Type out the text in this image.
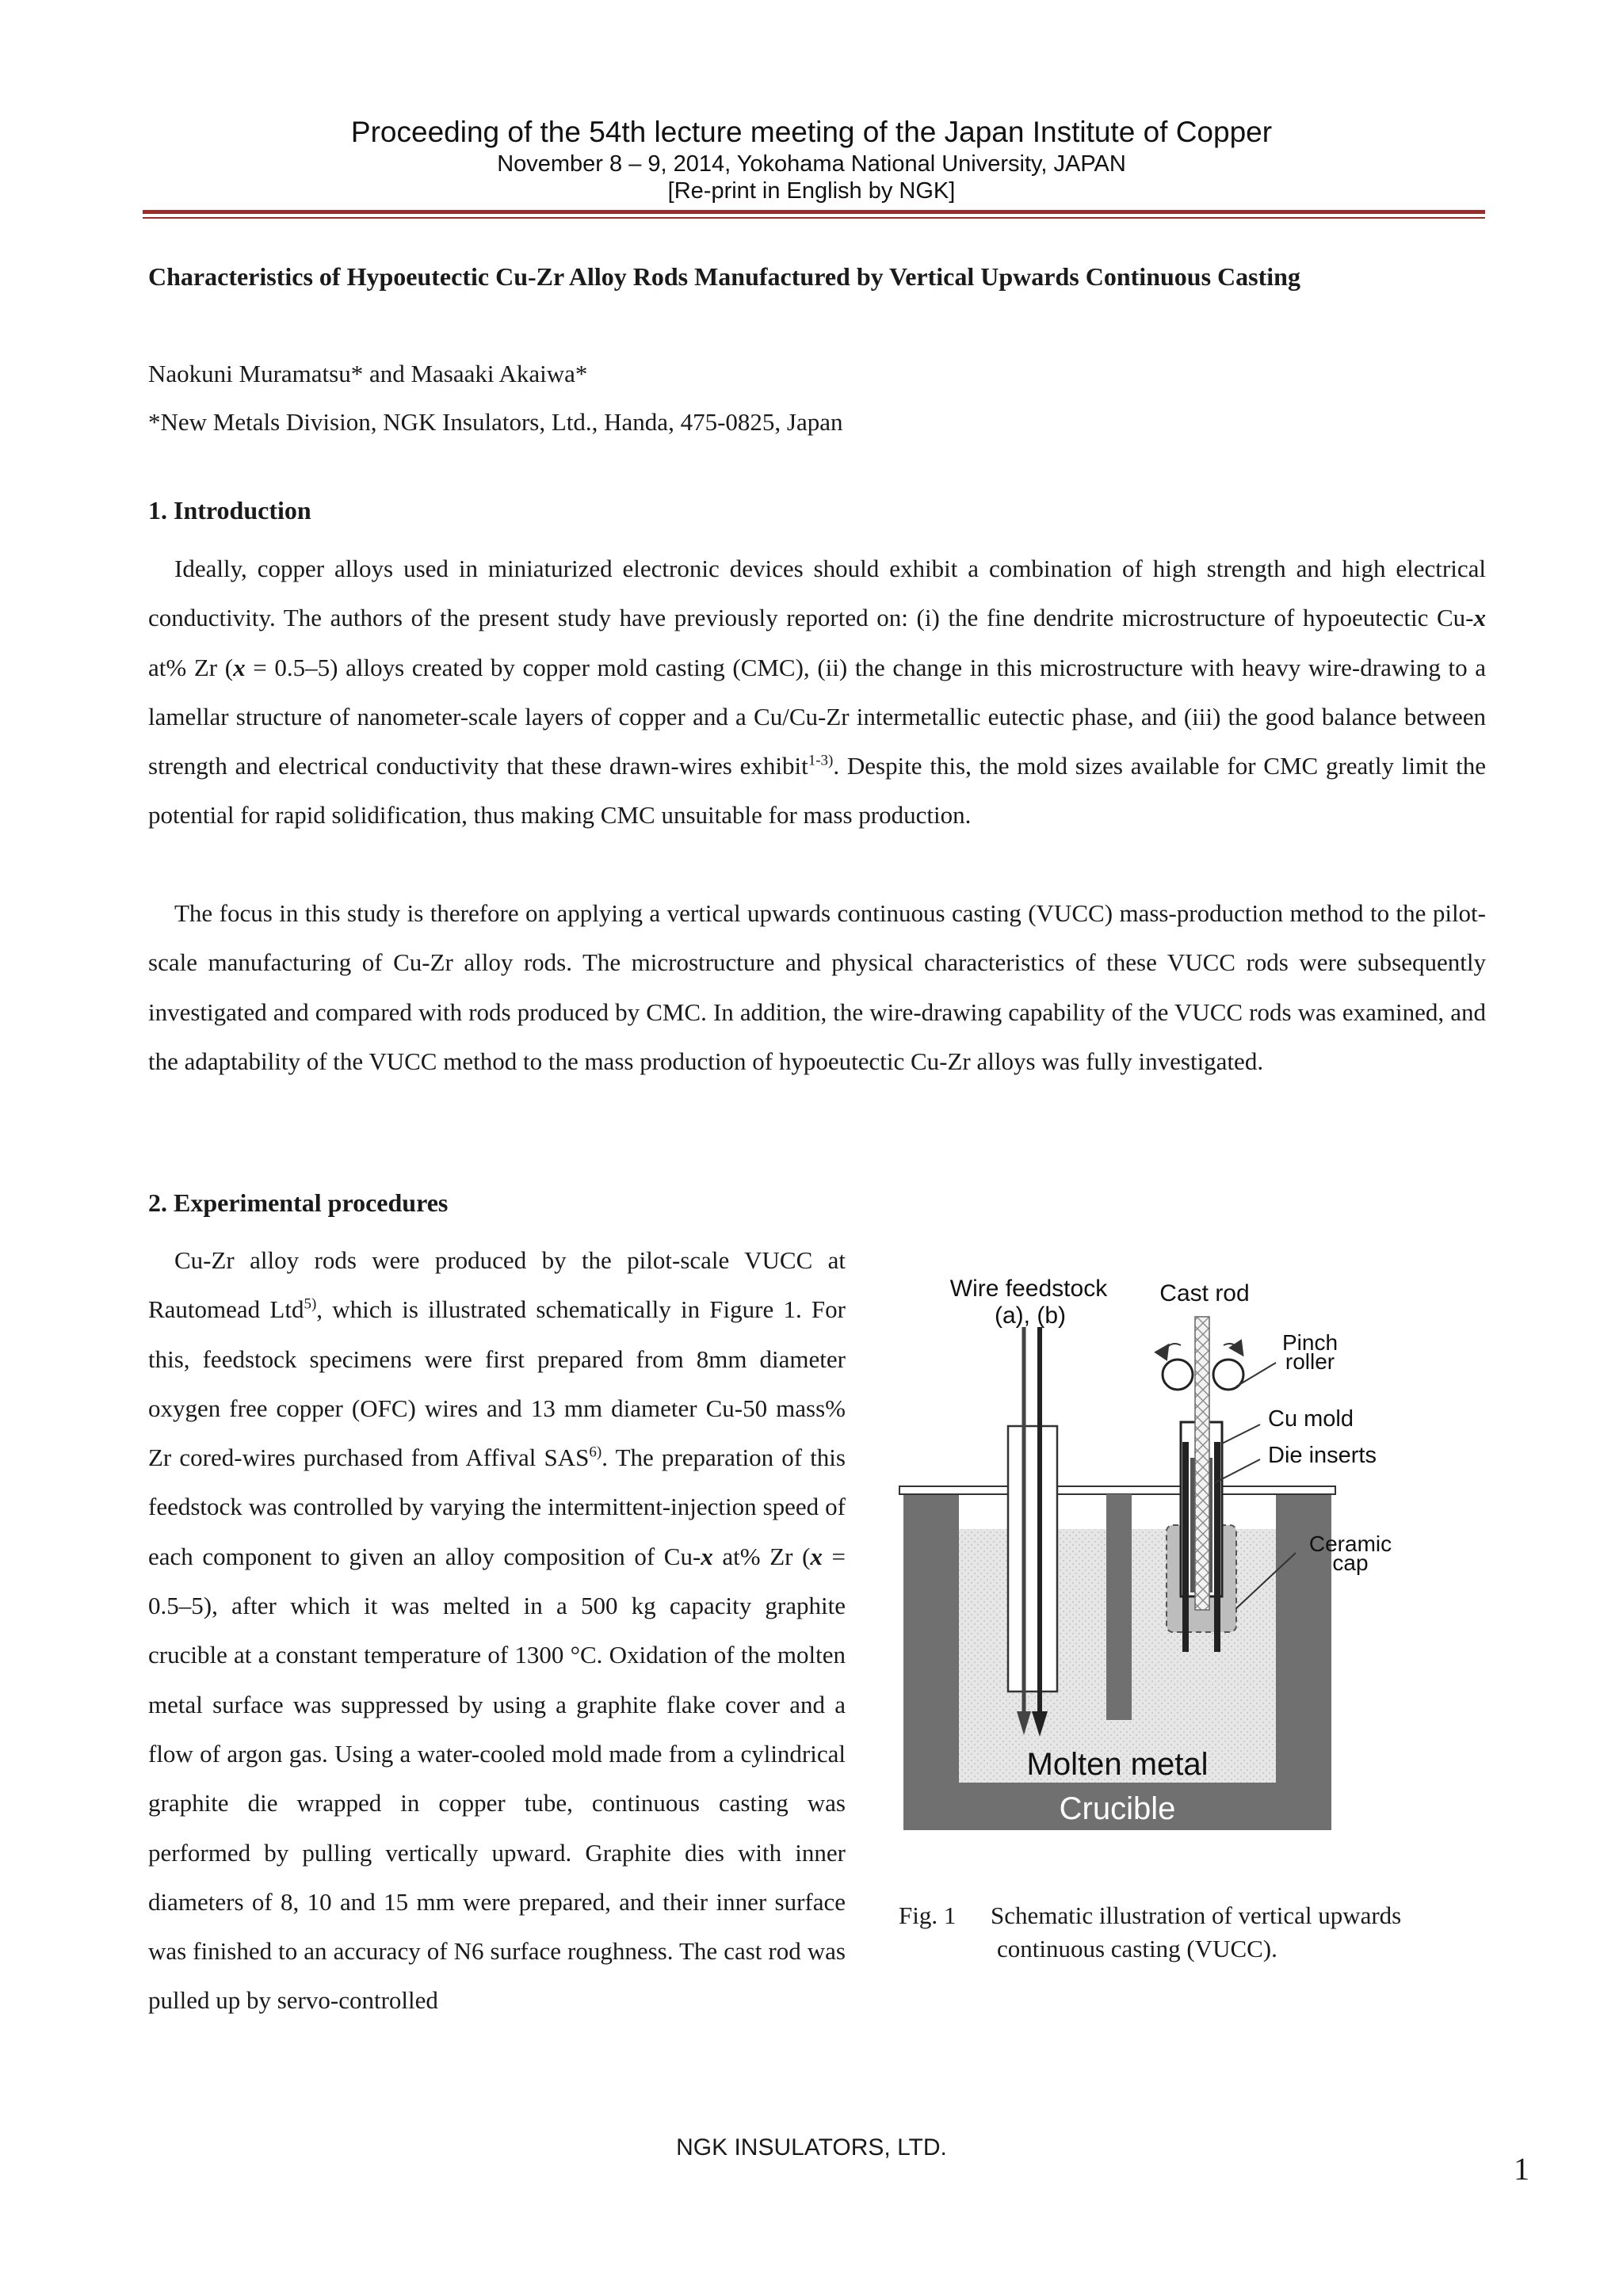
Proceeding of the 54th lecture meeting of the Japan Institute of Copper
November 8 – 9, 2014, Yokohama National University, JAPAN
[Re-print in English by NGK]
Characteristics of Hypoeutectic Cu-Zr Alloy Rods Manufactured by Vertical Upwards Continuous Casting
Naokuni Muramatsu* and Masaaki Akaiwa*
*New Metals Division, NGK Insulators, Ltd., Handa, 475-0825, Japan
1. Introduction

Ideally, copper alloys used in miniaturized electronic devices should exhibit a combination of high strength and high electrical conductivity. The authors of the present study have previously reported on: (i) the fine dendrite microstructure of hypoeutectic Cu-x at% Zr (x = 0.5–5) alloys created by copper mold casting (CMC), (ii) the change in this microstructure with heavy wire-drawing to a lamellar structure of nanometer-scale layers of copper and a Cu/Cu-Zr intermetallic eutectic phase, and (iii) the good balance between strength and electrical conductivity that these drawn-wires exhibit$^{1-3)}$. Despite this, the mold sizes available for CMC greatly limit the potential for rapid solidification, thus making CMC unsuitable for mass production.

The focus in this study is therefore on applying a vertical upwards continuous casting (VUCC) mass-production method to the pilot-scale manufacturing of Cu-Zr alloy rods. The microstructure and physical characteristics of these VUCC rods were subsequently investigated and compared with rods produced by CMC. In addition, the wire-drawing capability of the VUCC rods was examined, and the adaptability of the VUCC method to the mass production of hypoeutectic Cu-Zr alloys was fully investigated.

2. Experimental procedures

Cu-Zr alloy rods were produced by the pilot-scale VUCC at Rautomead Ltd$^{5)}$, which is illustrated schematically in Figure 1. For this, feedstock specimens were first prepared from 8mm diameter oxygen free copper (OFC) wires and 13 mm diameter Cu-50 mass% Zr cored-wires purchased from Affival SAS$^{6)}$. The preparation of this feedstock was controlled by varying the intermittent-injection speed of each component to given an alloy composition of Cu-x at% Zr (x = 0.5–5), after which it was melted in a 500 kg capacity graphite crucible at a constant temperature of 1300 °C. Oxidation of the molten metal surface was suppressed by using a graphite flake cover and a flow of argon gas. Using a water-cooled mold made from a cylindrical graphite die wrapped in copper tube, continuous casting was performed by pulling vertically upward. Graphite dies with inner diameters of 8, 10 and 15 mm were prepared, and their inner surface was finished to an accuracy of N6 surface roughness. The cast rod was pulled up by servo-controlled

Wire feedstock
(a), (b)
Cast rod
Pinch
roller
Cu mold
Die inserts
Ceramic
cap
Molten metal
Crucible
Fig. 1 Schematic illustration of vertical upwards
continuous casting (VUCC).
NGK INSULATORS, LTD.
1
